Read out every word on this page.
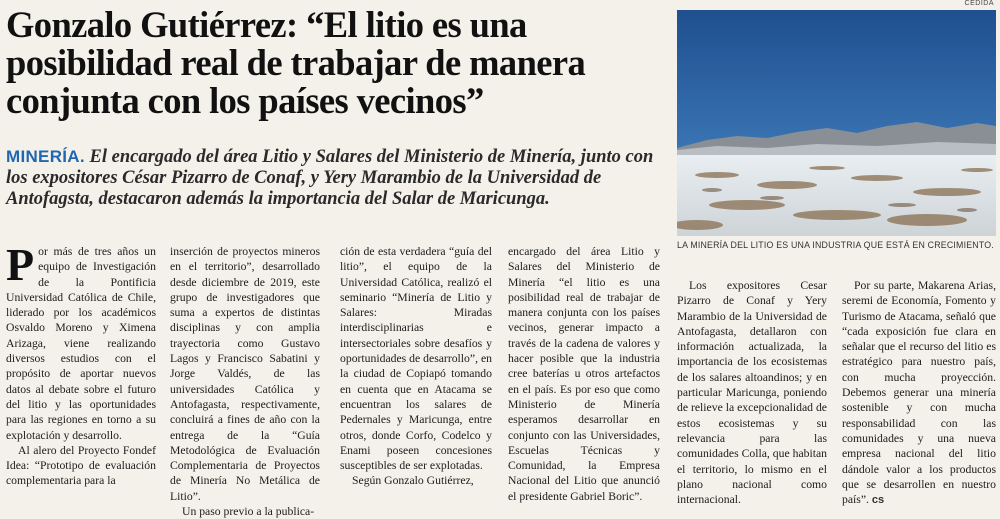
Gonzalo Gutiérrez: “El litio es una posibilidad real de trabajar de manera conjunta con los países vecinos”
MINERÍA. El encargado del área Litio y Salares del Ministerio de Minería, junto con los expositores César Pizarro de Conaf, y Yery Marambio de la Universidad de Antofagsta, destacaron además la importancia del Salar de Maricunga.
CEDIDA
LA MINERÍA DEL LITIO ES UNA INDUSTRIA QUE ESTÁ EN CRECIMIENTO.

Por más de tres años un equipo de Investigación de la Pontificia Universidad Católica de Chile, liderado por los académicos Osvaldo Moreno y Ximena Arizaga, viene realizando diversos estudios con el propósito de aportar nuevos datos al debate sobre el futuro del litio y las oportunidades para las regiones en torno a su explotación y desarrollo.

Al alero del Proyecto Fondef Idea: “Prototipo de evaluación complementaria para la

inserción de proyectos mineros en el territorio”, desarrollado desde diciembre de 2019, este grupo de investigadores que suma a expertos de distintas disciplinas y con amplia trayectoria como Gustavo Lagos y Francisco Sabatini y Jorge Valdés, de las universidades Católica y Antofagasta, respectivamente, concluirá a fines de año con la entrega de la “Guía Metodológica de Evaluación Complementaria de Proyectos de Minería No Metálica de Litio”.

Un paso previo a la publica-

ción de esta verdadera “guía del litio”, el equipo de la Universidad Católica, realizó el seminario “Minería de Litio y Salares: Miradas interdisciplinarias e intersectoriales sobre desafíos y oportunidades de desarrollo”, en la ciudad de Copiapó tomando en cuenta que en Atacama se encuentran los salares de Pedernales y Maricunga, entre otros, donde Corfo, Codelco y Enami poseen concesiones susceptibles de ser explotadas.

Según Gonzalo Gutiérrez,

encargado del área Litio y Salares del Ministerio de Minería “el litio es una posibilidad real de trabajar de manera conjunta con los países vecinos, generar impacto a través de la cadena de valores y hacer posible que la industria cree baterías u otros artefactos en el país. Es por eso que como Ministerio de Minería esperamos desarrollar en conjunto con las Universidades, Escuelas Técnicas y Comunidad, la Empresa Nacional del Litio que anunció el presidente Gabriel Boric”.

Los expositores Cesar Pizarro de Conaf y Yery Marambio de la Universidad de Antofagasta, detallaron con información actualizada, la importancia de los ecosistemas de los salares altoandinos; y en particular Maricunga, poniendo de relieve la excepcionalidad de estos ecosistemas y su relevancia para las comunidades Colla, que habitan el territorio, lo mismo en el plano nacional como internacional.

Por su parte, Makarena Arias, seremi de Economía, Fomento y Turismo de Atacama, señaló que “cada exposición fue clara en señalar que el recurso del litio es estratégico para nuestro país, con mucha proyección. Debemos generar una minería sostenible y con mucha responsabilidad con las comunidades y una nueva empresa nacional del litio dándole valor a los productos que se desarrollen en nuestro país”. cs
